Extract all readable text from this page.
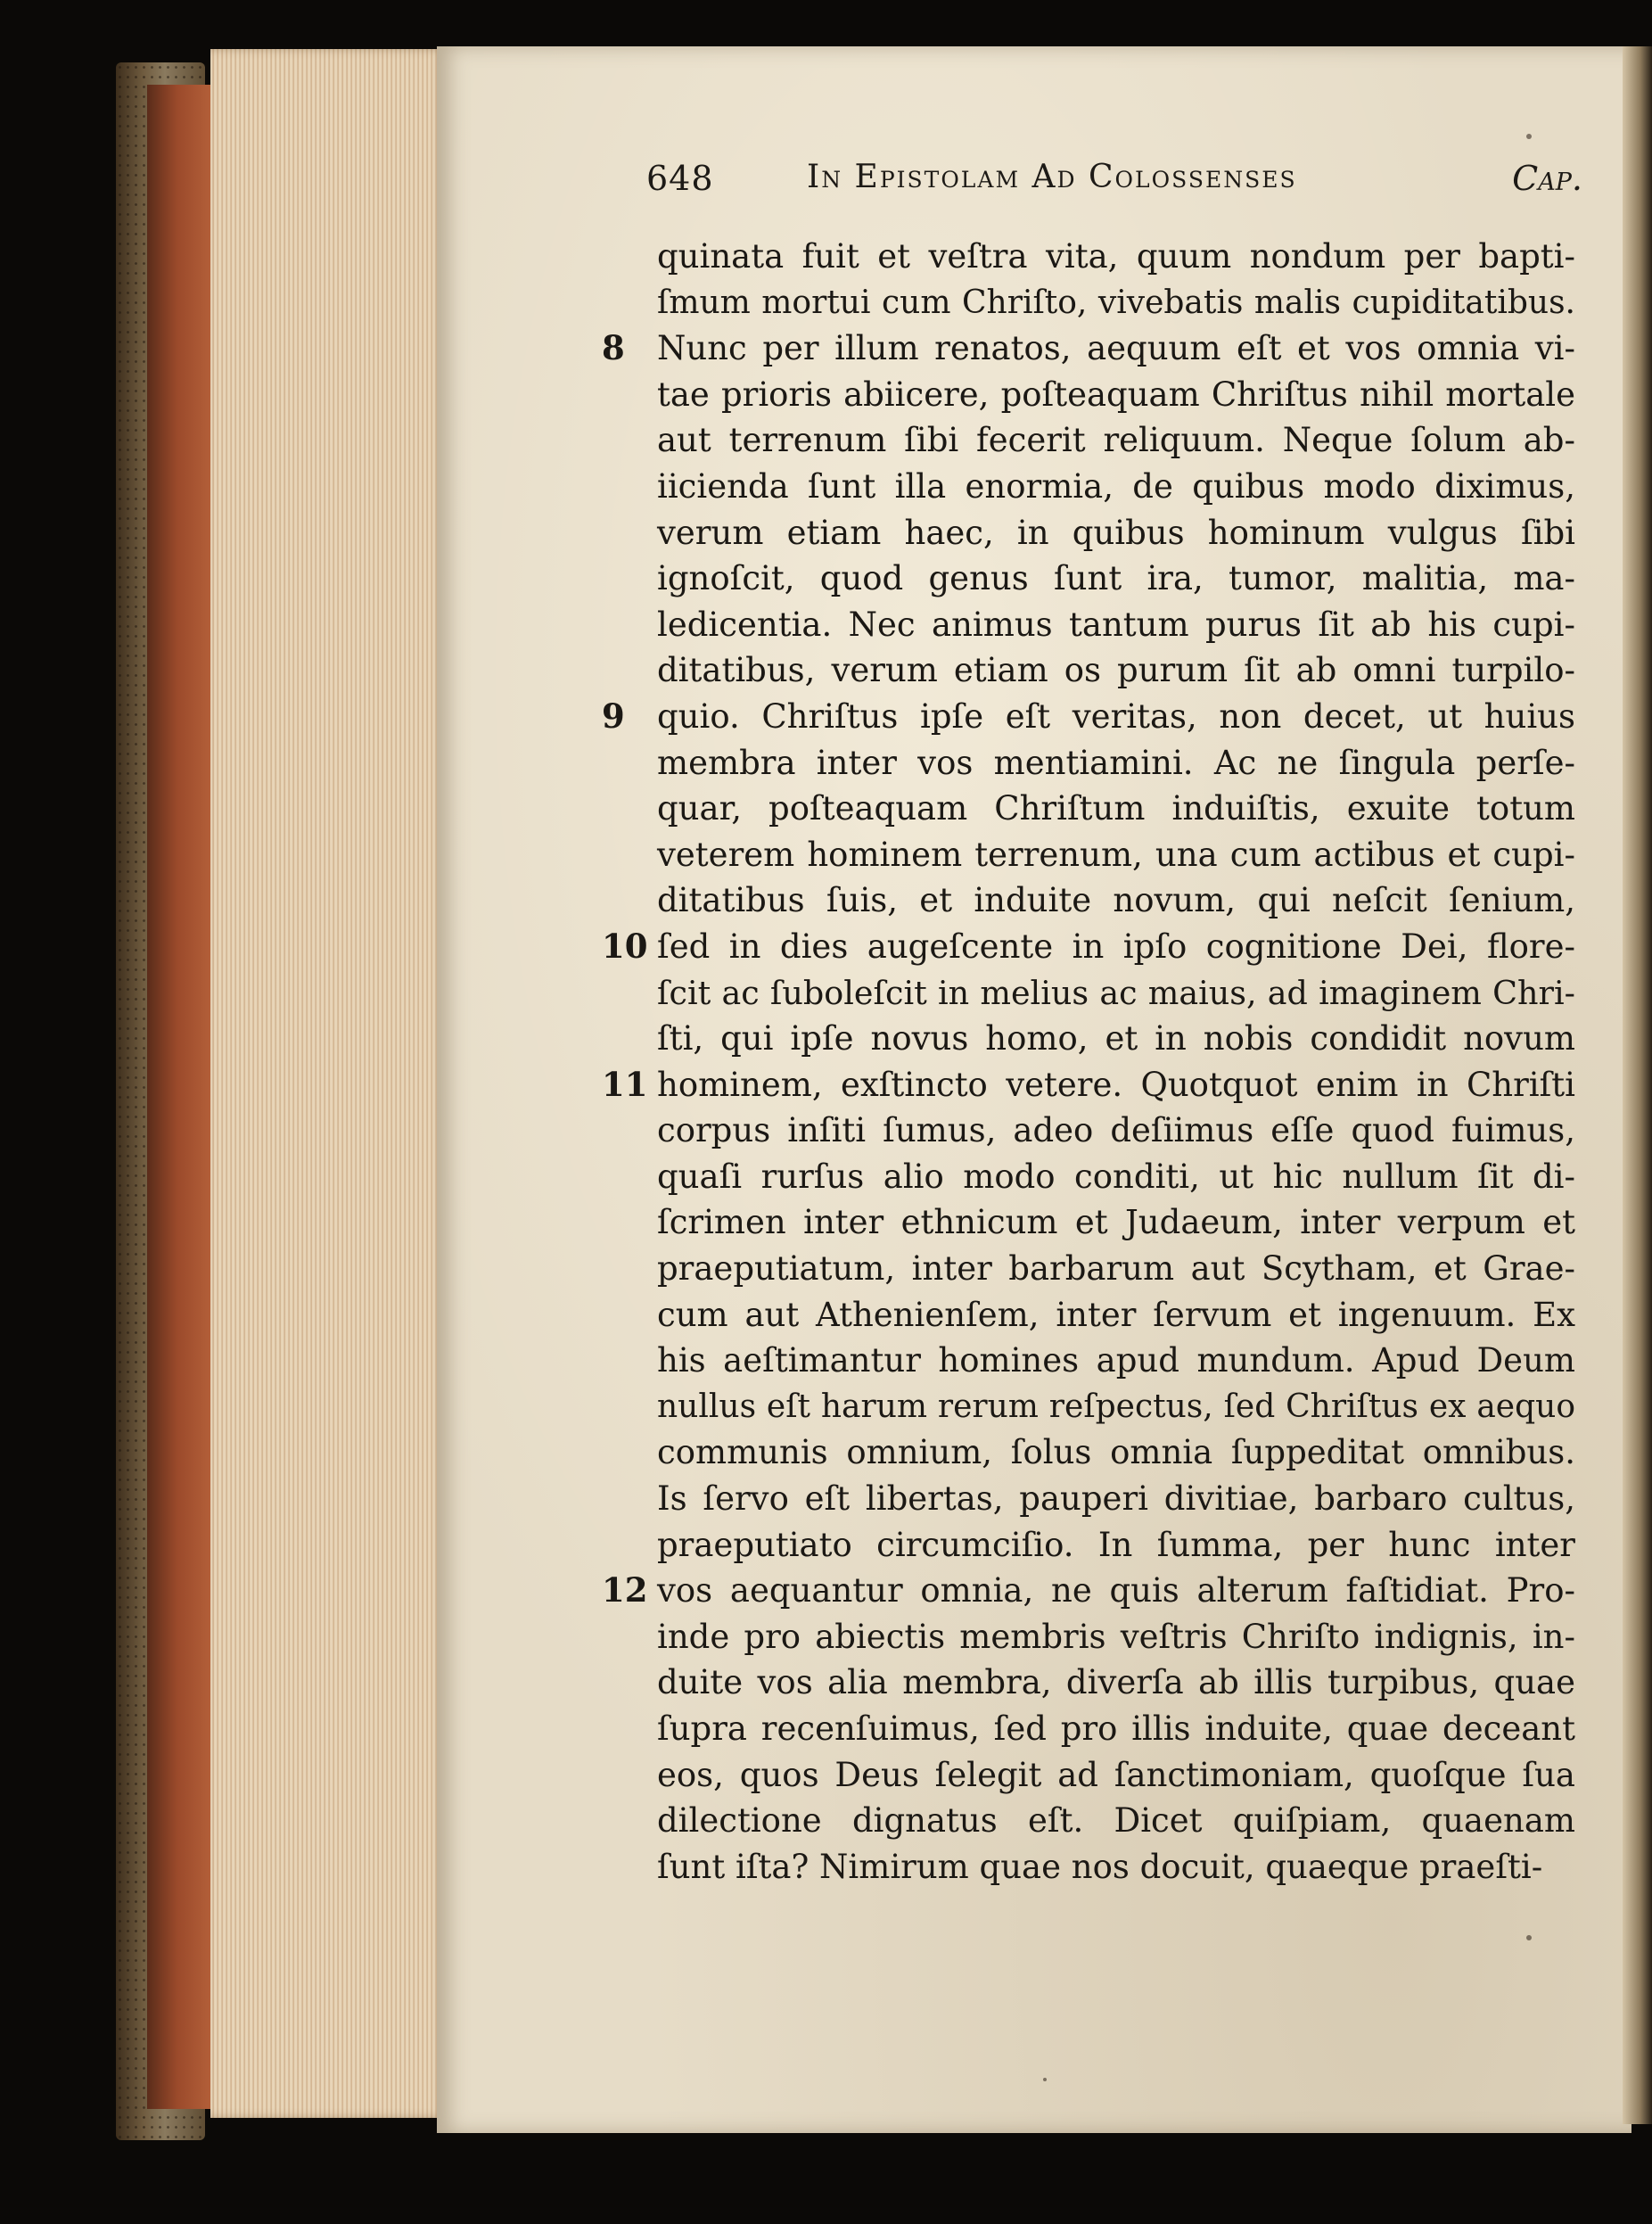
648	In Epistolam Ad Colossenses	Cap.
quinata fuit et veſtra vita, quum nondum per bapti-
ſmum mortui cum Chriſto, vivebatis malis cupiditatibus.
8 Nunc per illum renatos, aequum eſt et vos omnia vi-
tae prioris abiicere, poſteaquam Chriſtus nihil mortale
aut terrenum ſibi fecerit reliquum. Neque ſolum ab-
iicienda ſunt illa enormia, de quibus modo diximus,
verum etiam haec, in quibus hominum vulgus ſibi
ignoſcit, quod genus ſunt ira, tumor, malitia, ma-
ledicentia. Nec animus tantum purus ſit ab his cupi-
ditatibus, verum etiam os purum ſit ab omni turpilo-
9 quio. Chriſtus ipſe eſt veritas, non decet, ut huius
membra inter vos mentiamini. Ac ne ſingula perſe-
quar, poſteaquam Chriſtum induiſtis, exuite totum
veterem hominem terrenum, una cum actibus et cupi-
ditatibus ſuis, et induite novum, qui neſcit ſenium,
10 ſed in dies augeſcente in ipſo cognitione Dei, flore-
ſcit ac ſuboleſcit in melius ac maius, ad imaginem Chri-
ſti, qui ipſe novus homo, et in nobis condidit novum
11 hominem, exſtincto vetere. Quotquot enim in Chriſti
corpus inſiti ſumus, adeo deſiimus eſſe quod fuimus,
quaſi rurſus alio modo conditi, ut hic nullum ſit di-
ſcrimen inter ethnicum et Judaeum, inter verpum et
praeputiatum, inter barbarum aut Scytham, et Grae-
cum aut Athenienſem, inter ſervum et ingenuum. Ex
his aeſtimantur homines apud mundum. Apud Deum
nullus eſt harum rerum reſpectus, ſed Chriſtus ex aequo
communis omnium, ſolus omnia ſuppeditat omnibus.
Is ſervo eſt libertas, pauperi divitiae, barbaro cultus,
praeputiato circumciſio. In ſumma, per hunc inter
12 vos aequantur omnia, ne quis alterum faſtidiat. Pro-
inde pro abiectis membris veſtris Chriſto indignis, in-
duite vos alia membra, diverſa ab illis turpibus, quae
ſupra recenſuimus, ſed pro illis induite, quae deceant
eos, quos Deus ſelegit ad ſanctimoniam, quoſque ſua
dilectione dignatus eſt. Dicet quiſpiam, quaenam
ſunt iſta? Nimirum quae nos docuit, quaeque praeſti-
